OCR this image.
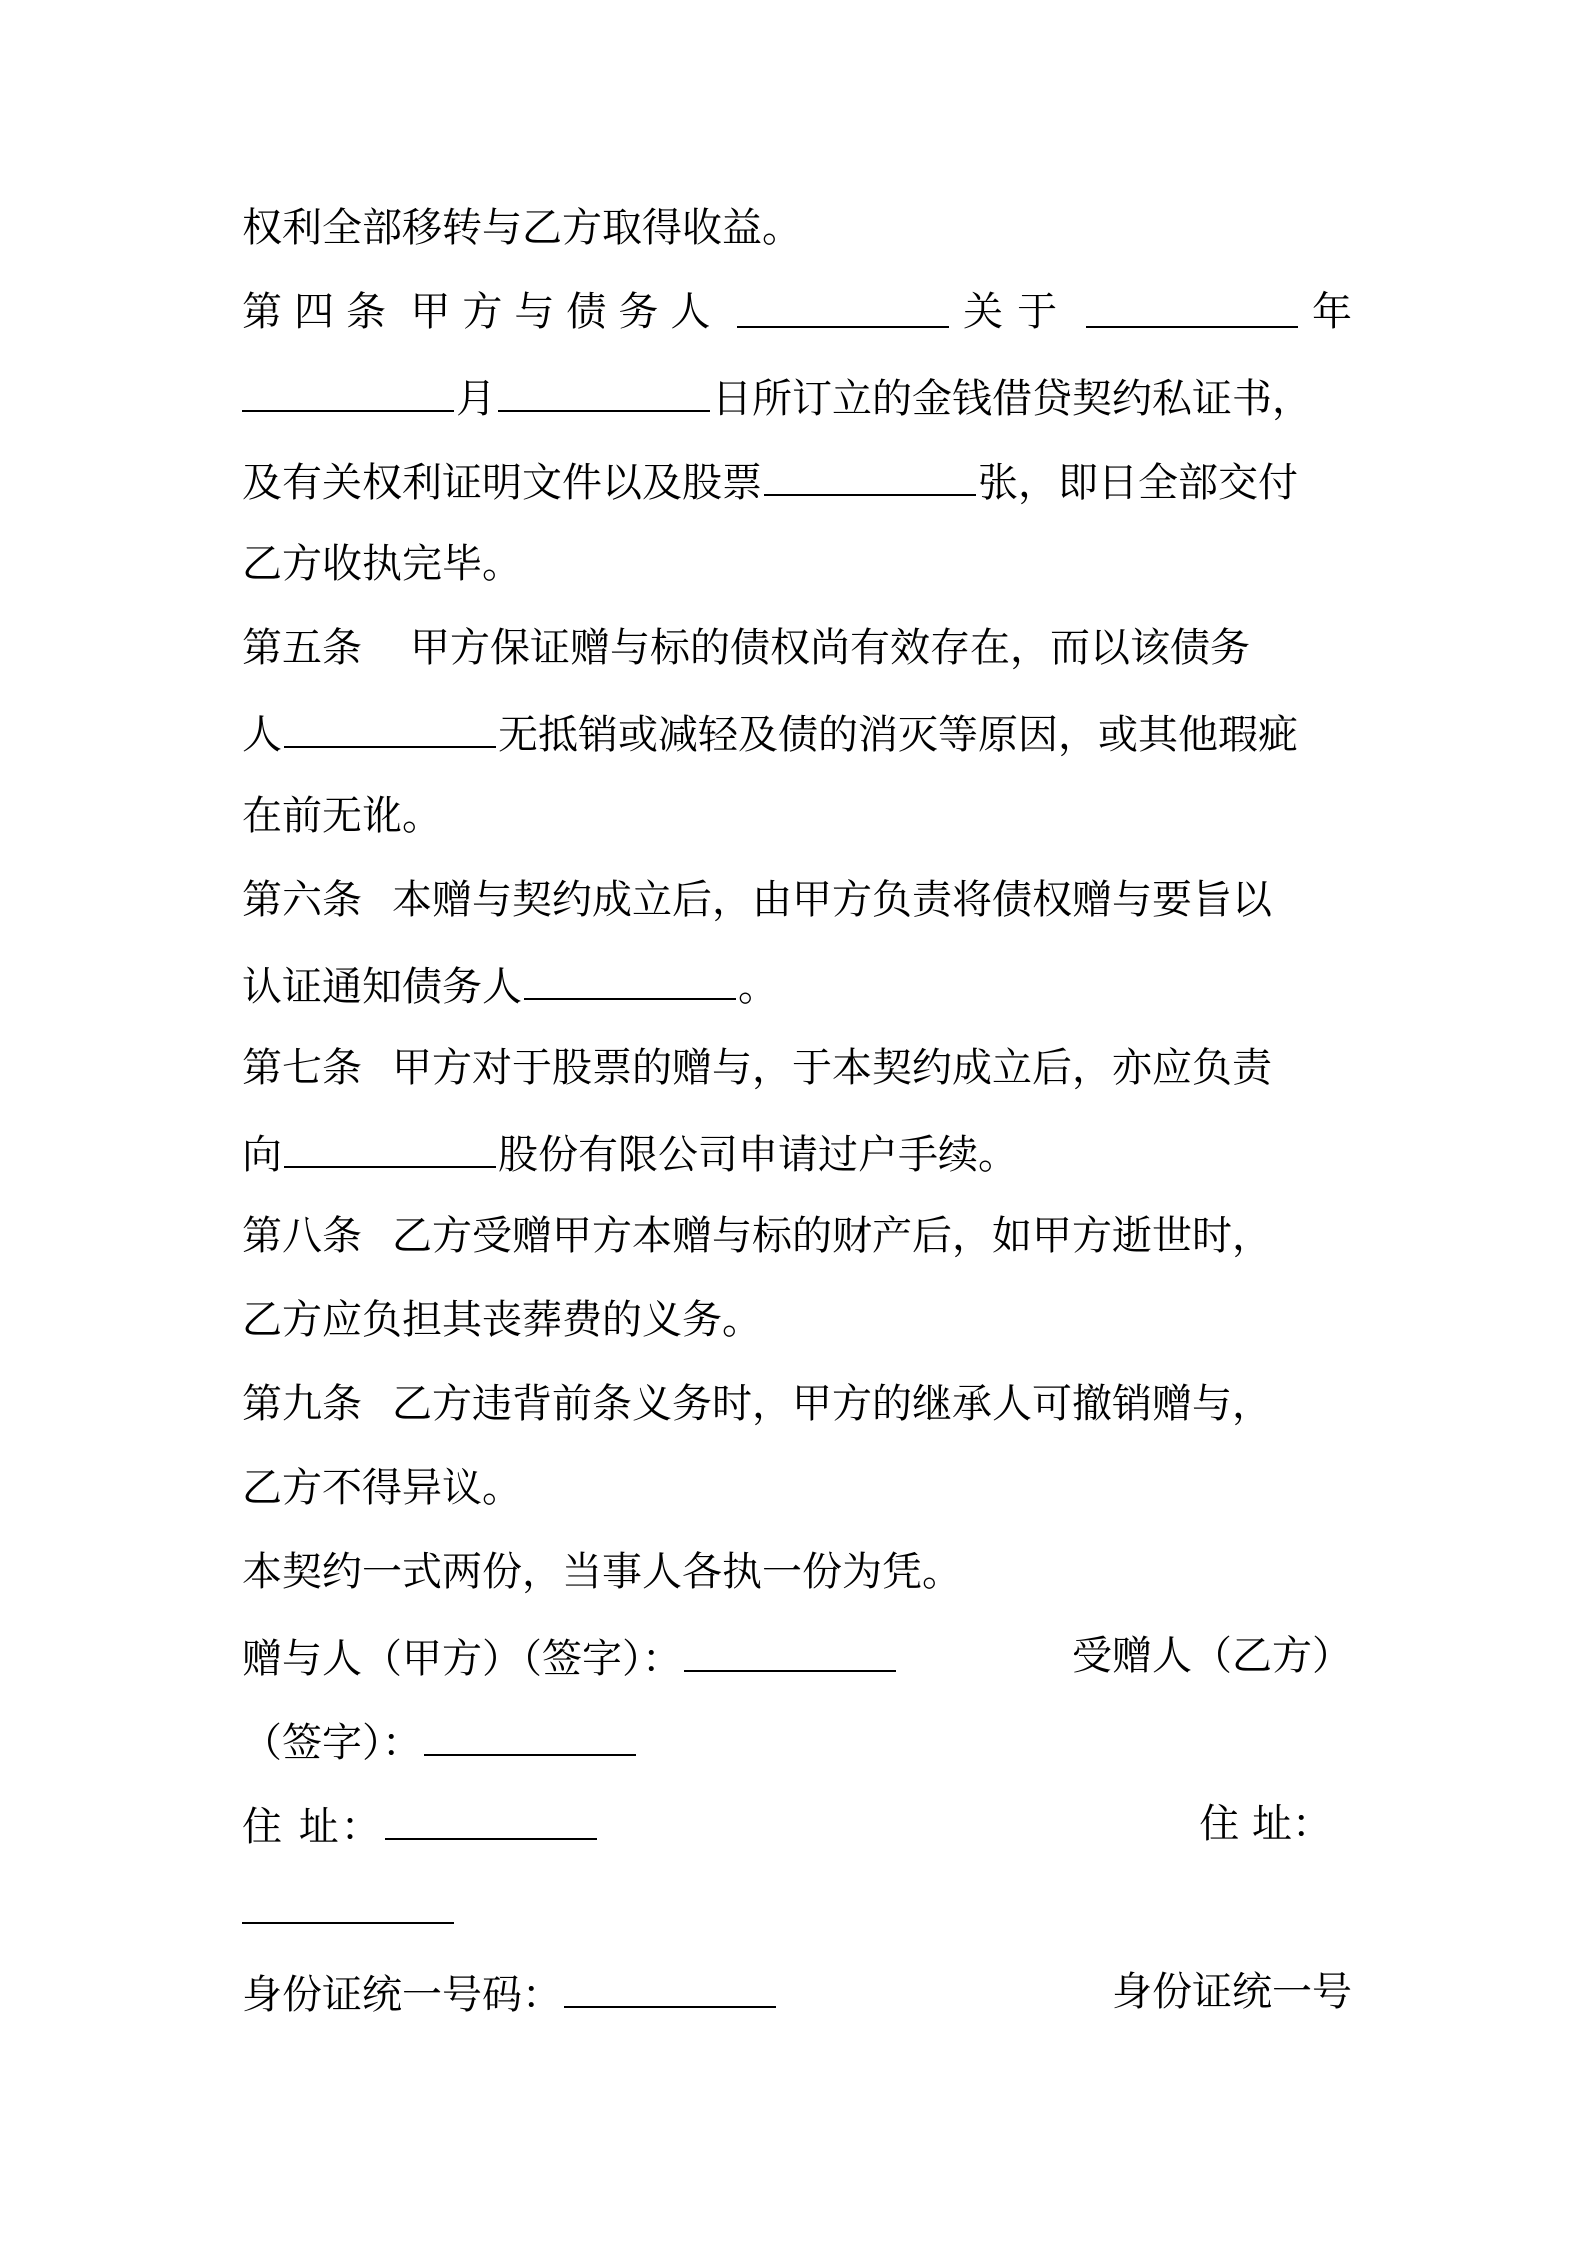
权利全部移转与乙方取得收益。
第四条 甲方与债务人	关于	年
月	日所订立的金钱借贷契约私证书，
及有关权利证明文件以及股票	张，即日全部交付
乙方收执完毕。
第五条 甲方保证赠与标的债权尚有效存在，而以该债务
人	无抵销或减轻及债的消灭等原因，或其他瑕疵
在前无讹。
第六条 本赠与契约成立后，由甲方负责将债权赠与要旨以
认证通知债务人	。
第七条 甲方对于股票的赠与，于本契约成立后，亦应负责
向	股份有限公司申请过户手续。
第八条 乙方受赠甲方本赠与标的财产后，如甲方逝世时，
乙方应负担其丧葬费的义务。
第九条 乙方违背前条义务时，甲方的继承人可撤销赠与，
乙方不得异议。
本契约一式两份，当事人各执一份为凭。
赠与人（甲方）（签字）：	受赠人（乙方）
（签字）：
住 址：	住 址：
身份证统一号码：	身份证统一号
